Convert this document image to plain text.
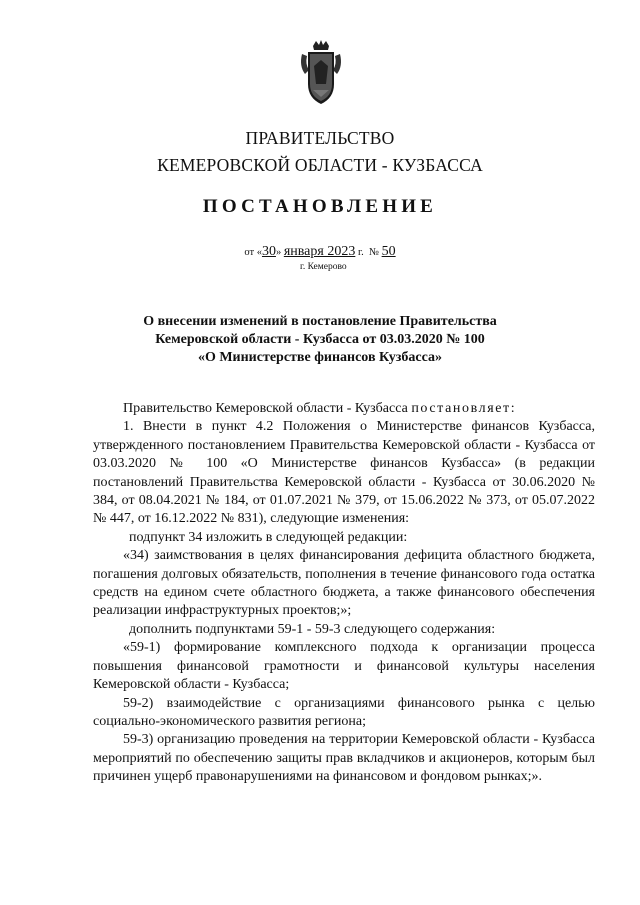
ПРАВИТЕЛЬСТВО
КЕМЕРОВСКОЙ ОБЛАСТИ - КУЗБАССА
ПОСТАНОВЛЕНИЕ
от «30» января 2023 г. № 50
г. Кемерово
О внесении изменений в постановление Правительства
Кемеровской области - Кузбасса от 03.03.2020 № 100
«О Министерстве финансов Кузбасса»

Правительство Кемеровской области - Кузбасса постановляет:

1. Внести в пункт 4.2 Положения о Министерстве финансов Кузбасса, утвержденного постановлением Правительства Кемеровской области - Кузбасса от 03.03.2020 № 100 «О Министерстве финансов Кузбасса» (в редакции постановлений Правительства Кемеровской области - Кузбасса от 30.06.2020 № 384, от 08.04.2021 № 184, от 01.07.2021 № 379, от 15.06.2022 № 373, от 05.07.2022 № 447, от 16.12.2022 № 831), следующие изменения:

подпункт 34 изложить в следующей редакции:

«34) заимствования в целях финансирования дефицита областного бюджета, погашения долговых обязательств, пополнения в течение финансового года остатка средств на едином счете областного бюджета, а также финансового обеспечения реализации инфраструктурных проектов;»;

дополнить подпунктами 59-1 - 59-3 следующего содержания:

«59-1) формирование комплексного подхода к организации процесса повышения финансовой грамотности и финансовой культуры населения Кемеровской области - Кузбасса;

59-2) взаимодействие с организациями финансового рынка с целью социально-экономического развития региона;

59-3) организацию проведения на территории Кемеровской области - Кузбасса мероприятий по обеспечению защиты прав вкладчиков и акционеров, которым был причинен ущерб правонарушениями на финансовом и фондовом рынках;».
